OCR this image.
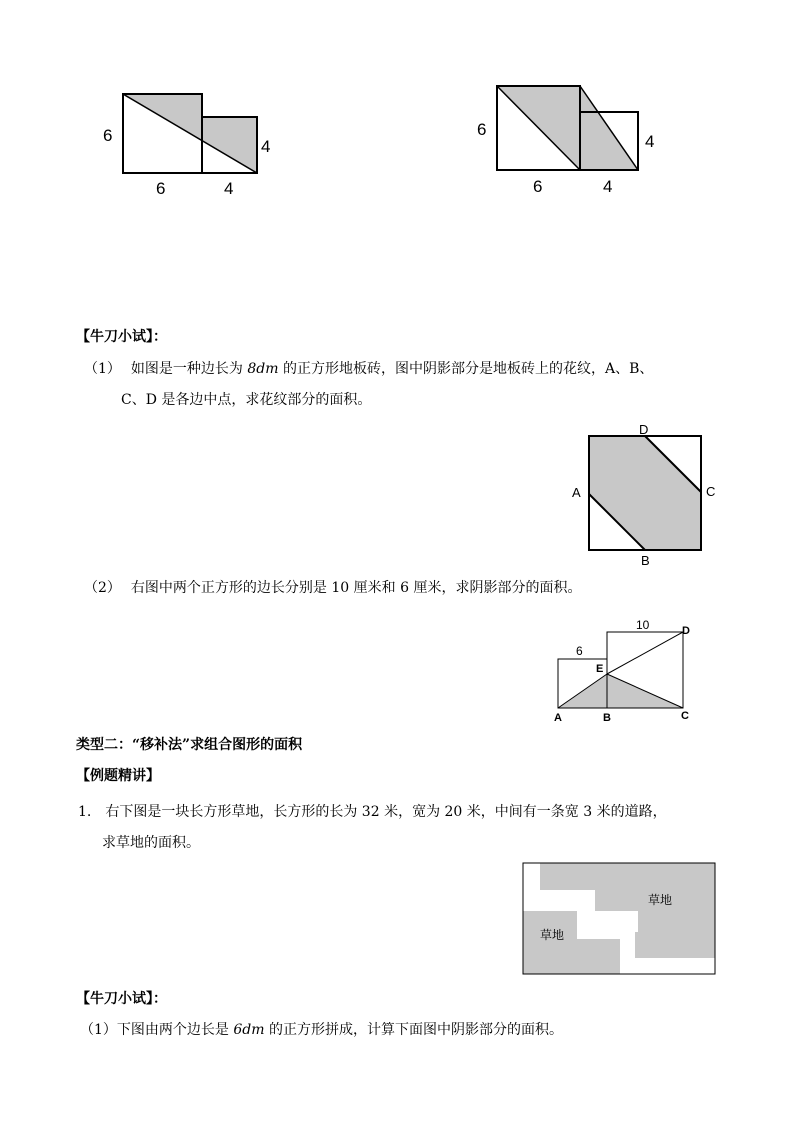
6
6	4
4
6
6	4
4
【牛刀小试】：
（1） 如图是一种边长为 8dm 的正方形地板砖，图中阴影部分是地板砖上的花纹，A、B、
C、D 是各边中点，求花纹部分的面积。
D
A	C
B
（2） 右图中两个正方形的边长分别是 10 厘米和 6 厘米，求阴影部分的面积。
10
6
D
E
A	B	C
类型二：“移补法”求组合图形的面积
【例题精讲】
1. 右下图是一块长方形草地，长方形的长为 32 米，宽为 20 米，中间有一条宽 3 米的道路，
求草地的面积。
草地
草地
【牛刀小试】：
（1）下图由两个边长是 6dm 的正方形拼成，计算下面图中阴影部分的面积。
